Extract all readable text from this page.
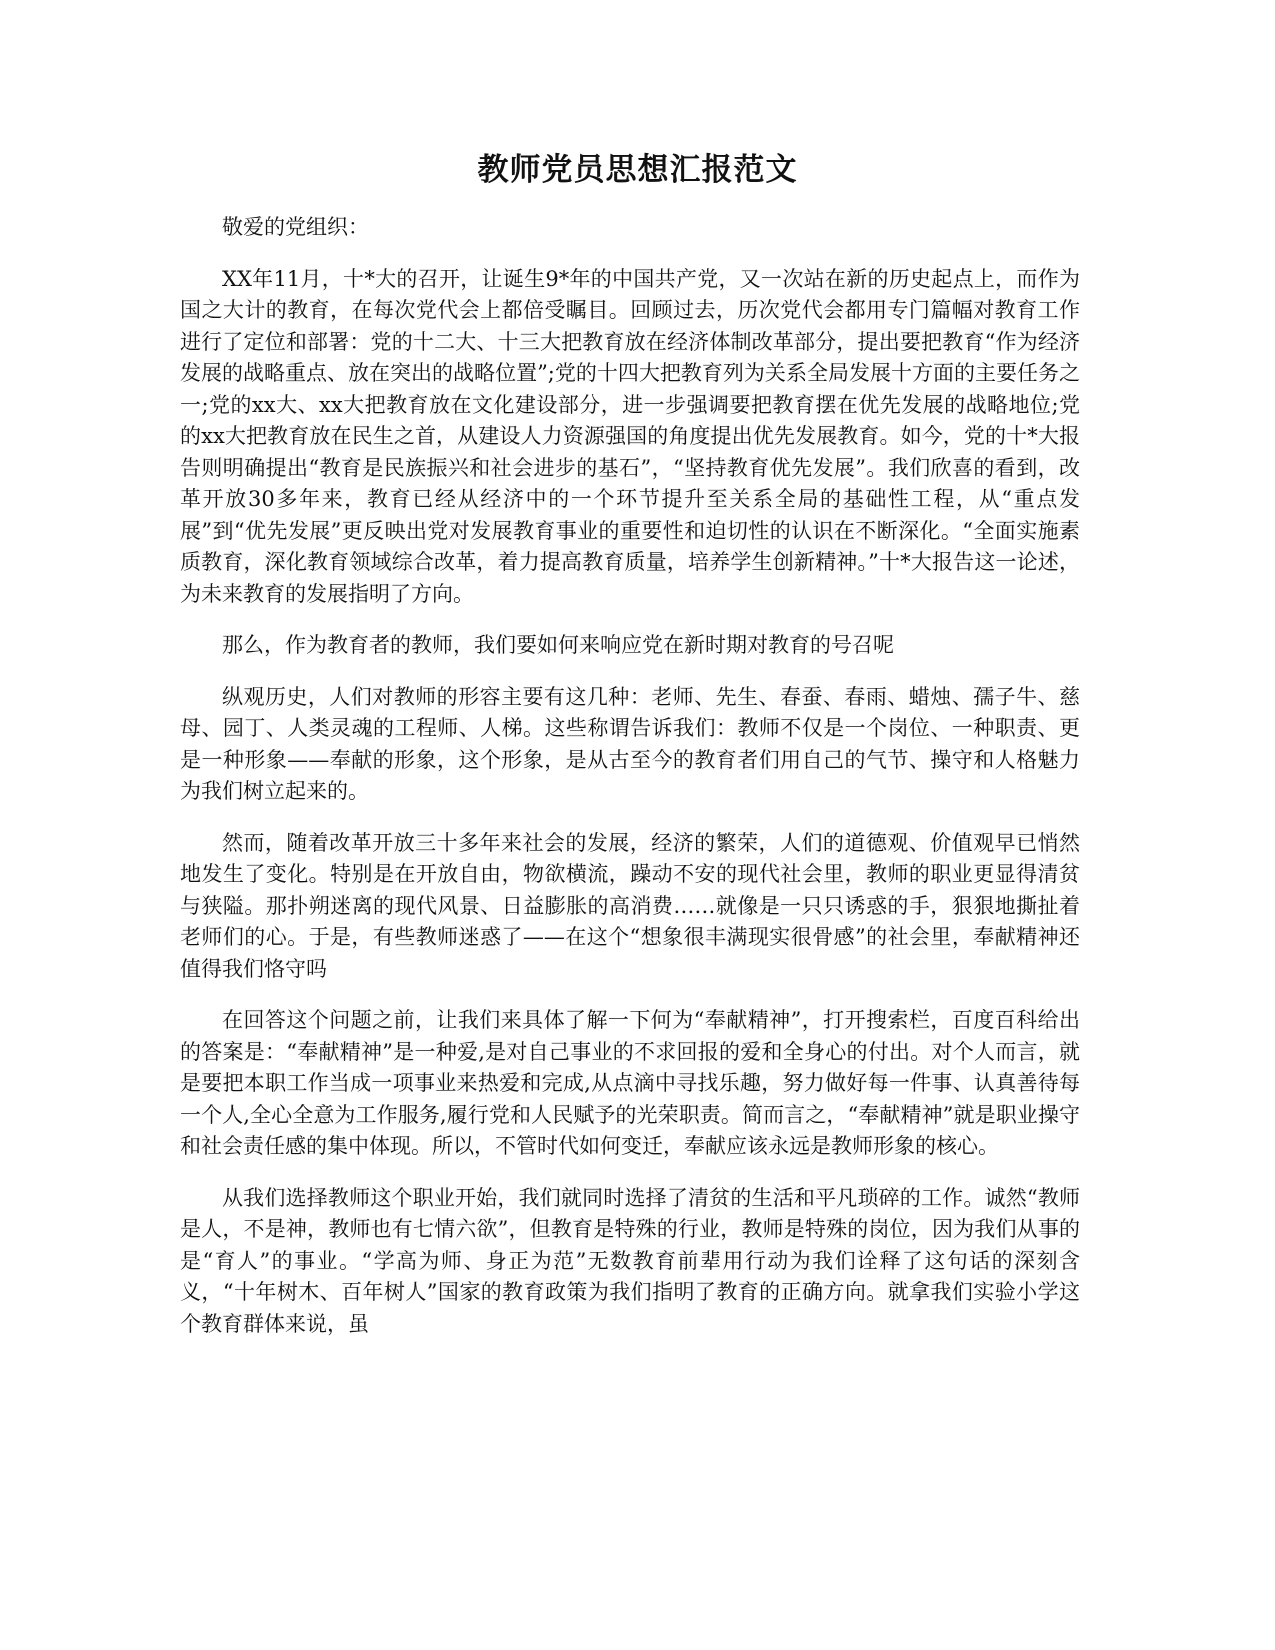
教师党员思想汇报范文

敬爱的党组织：

XX年11月，十*大的召开，让诞生9*年的中国共产党，又一次站在新的历史起点上，而作为国之大计的教育，在每次党代会上都倍受瞩目。回顾过去，历次党代会都用专门篇幅对教育工作进行了定位和部署：党的十二大、十三大把教育放在经济体制改革部分，提出要把教育“作为经济发展的战略重点、放在突出的战略位置”;党的十四大把教育列为关系全局发展十方面的主要任务之一;党的xx大、xx大把教育放在文化建设部分，进一步强调要把教育摆在优先发展的战略地位;党的xx大把教育放在民生之首，从建设人力资源强国的角度提出优先发展教育。如今，党的十*大报告则明确提出“教育是民族振兴和社会进步的基石”，“坚持教育优先发展”。我们欣喜的看到，改革开放30多年来，教育已经从经济中的一个环节提升至关系全局的基础性工程，从“重点发展”到“优先发展”更反映出党对发展教育事业的重要性和迫切性的认识在不断深化。“全面实施素质教育，深化教育领域综合改革，着力提高教育质量，培养学生创新精神。”十*大报告这一论述，为未来教育的发展指明了方向。

那么，作为教育者的教师，我们要如何来响应党在新时期对教育的号召呢

纵观历史，人们对教师的形容主要有这几种：老师、先生、春蚕、春雨、蜡烛、孺子牛、慈母、园丁、人类灵魂的工程师、人梯。这些称谓告诉我们：教师不仅是一个岗位、一种职责、更是一种形象——奉献的形象，这个形象，是从古至今的教育者们用自己的气节、操守和人格魅力为我们树立起来的。

然而，随着改革开放三十多年来社会的发展，经济的繁荣，人们的道德观、价值观早已悄然地发生了变化。特别是在开放自由，物欲横流，躁动不安的现代社会里，教师的职业更显得清贫与狭隘。那扑朔迷离的现代风景、日益膨胀的高消费……就像是一只只诱惑的手，狠狠地撕扯着老师们的心。于是，有些教师迷惑了——在这个“想象很丰满现实很骨感”的社会里，奉献精神还值得我们恪守吗

在回答这个问题之前，让我们来具体了解一下何为“奉献精神”，打开搜索栏，百度百科给出的答案是：“奉献精神”是一种爱,是对自己事业的不求回报的爱和全身心的付出。对个人而言，就是要把本职工作当成一项事业来热爱和完成,从点滴中寻找乐趣，努力做好每一件事、认真善待每一个人,全心全意为工作服务,履行党和人民赋予的光荣职责。简而言之，“奉献精神”就是职业操守和社会责任感的集中体现。所以，不管时代如何变迁，奉献应该永远是教师形象的核心。

从我们选择教师这个职业开始，我们就同时选择了清贫的生活和平凡琐碎的工作。诚然“教师是人，不是神，教师也有七情六欲”，但教育是特殊的行业，教师是特殊的岗位，因为我们从事的是“育人”的事业。“学高为师、身正为范”无数教育前辈用行动为我们诠释了这句话的深刻含义，“十年树木、百年树人”国家的教育政策为我们指明了教育的正确方向。就拿我们实验小学这个教育群体来说，虽
